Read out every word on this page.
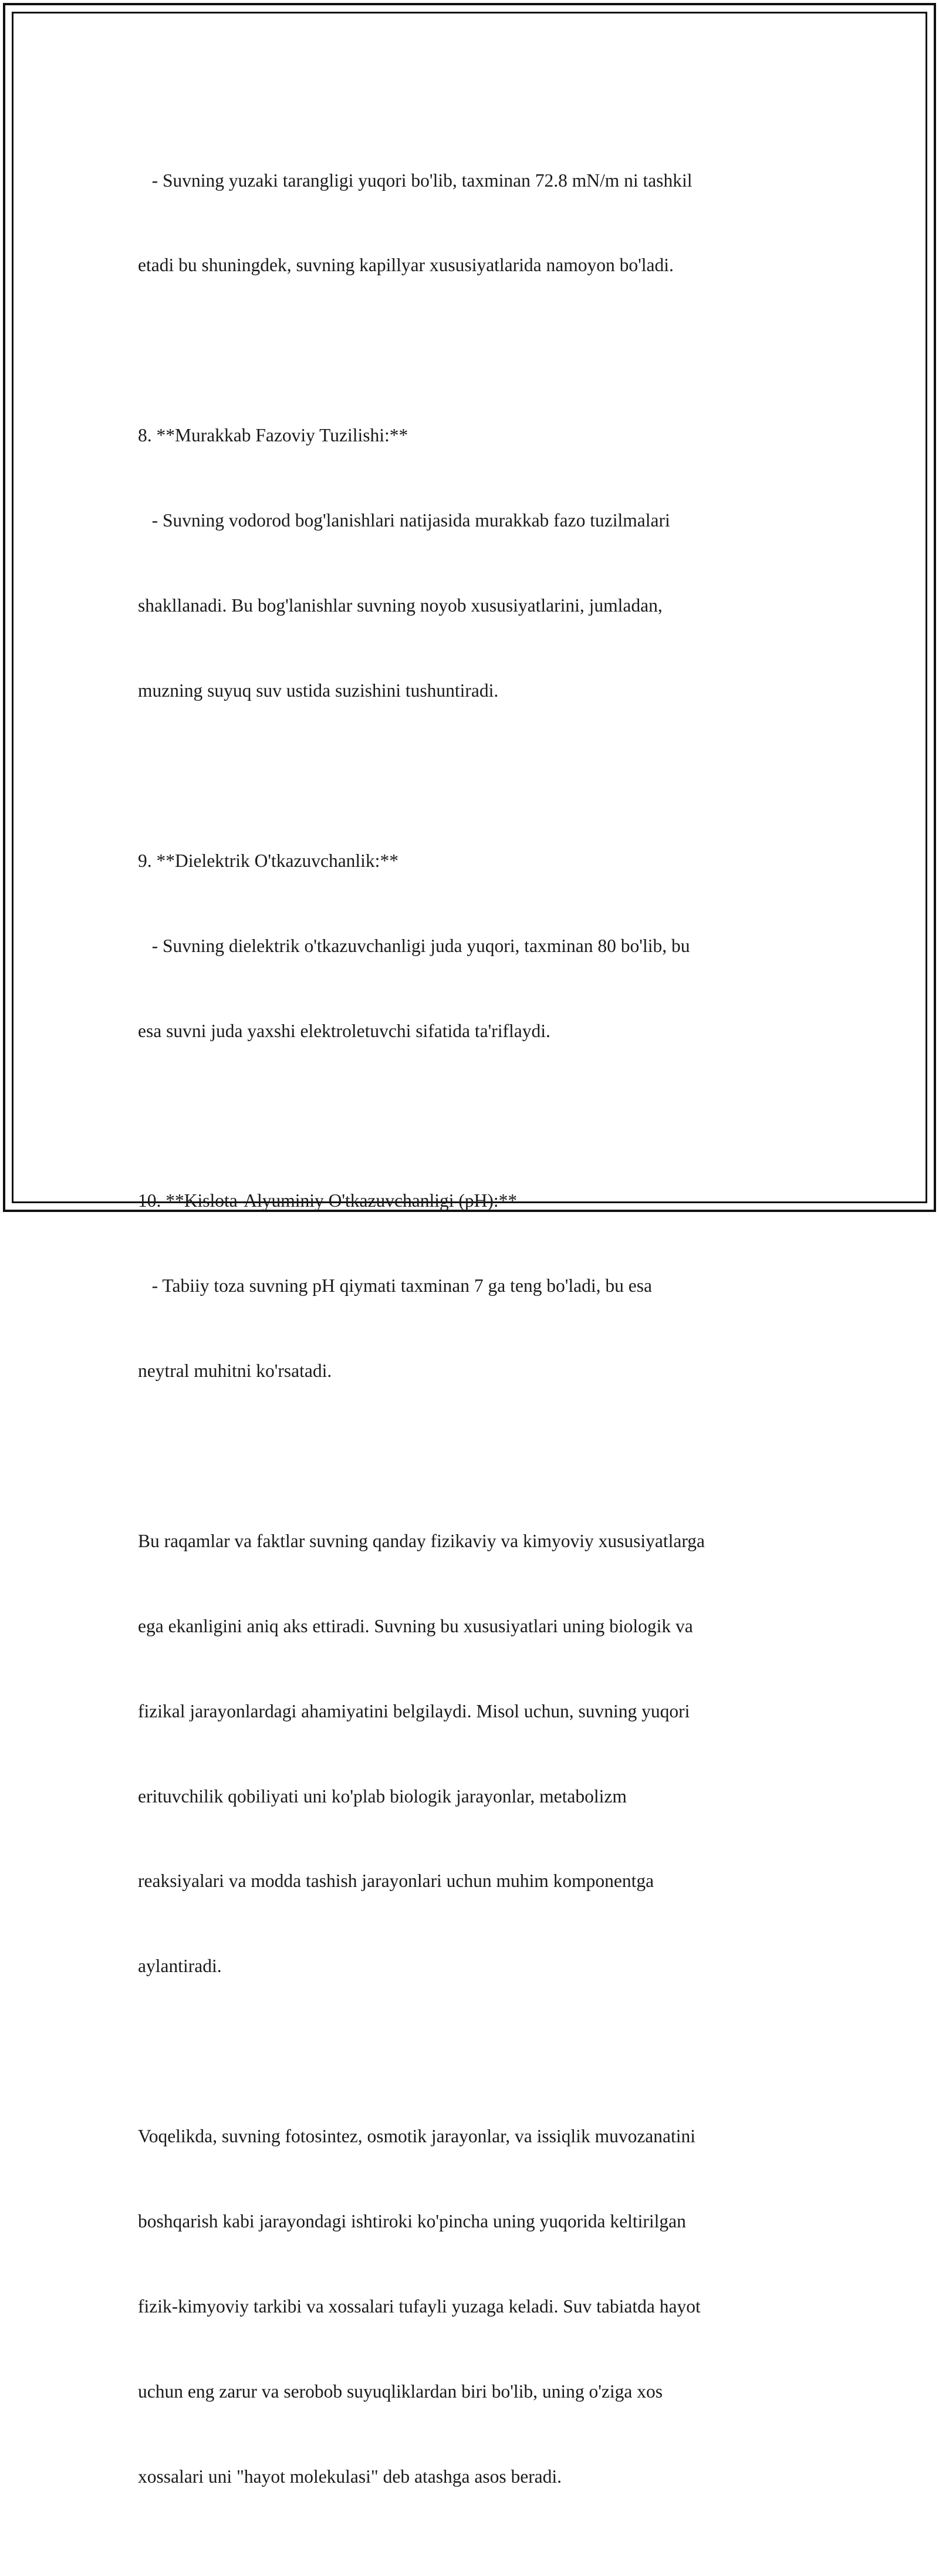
- Suvning yuzaki tarangligi yuqori bo'lib, taxminan 72.8 mN/m ni tashkil

etadi bu shuningdek, suvning kapillyar xususiyatlarida namoyon bo'ladi.

8. **Murakkab Fazoviy Tuzilishi:**

- Suvning vodorod bog'lanishlari natijasida murakkab fazo tuzilmalari

shakllanadi. Bu bog'lanishlar suvning noyob xususiyatlarini, jumladan,

muzning suyuq suv ustida suzishini tushuntiradi.

9. **Dielektrik O'tkazuvchanlik:**

- Suvning dielektrik o'tkazuvchanligi juda yuqori, taxminan 80 bo'lib, bu

esa suvni juda yaxshi elektroletuvchi sifatida ta'riflaydi.

10. **Kislota-Alyuminiy O'tkazuvchanligi (pH):**

- Tabiiy toza suvning pH qiymati taxminan 7 ga teng bo'ladi, bu esa

neytral muhitni ko'rsatadi.

Bu raqamlar va faktlar suvning qanday fizikaviy va kimyoviy xususiyatlarga

ega ekanligini aniq aks ettiradi. Suvning bu xususiyatlari uning biologik va

fizikal jarayonlardagi ahamiyatini belgilaydi. Misol uchun, suvning yuqori

erituvchilik qobiliyati uni ko'plab biologik jarayonlar, metabolizm

reaksiyalari va modda tashish jarayonlari uchun muhim komponentga

aylantiradi.

Voqelikda, suvning fotosintez, osmotik jarayonlar, va issiqlik muvozanatini

boshqarish kabi jarayondagi ishtiroki ko'pincha uning yuqorida keltirilgan

fizik-kimyoviy tarkibi va xossalari tufayli yuzaga keladi. Suv tabiatda hayot

uchun eng zarur va serobob suyuqliklardan biri bo'lib, uning o'ziga xos

xossalari uni "hayot molekulasi" deb atashga asos beradi.
